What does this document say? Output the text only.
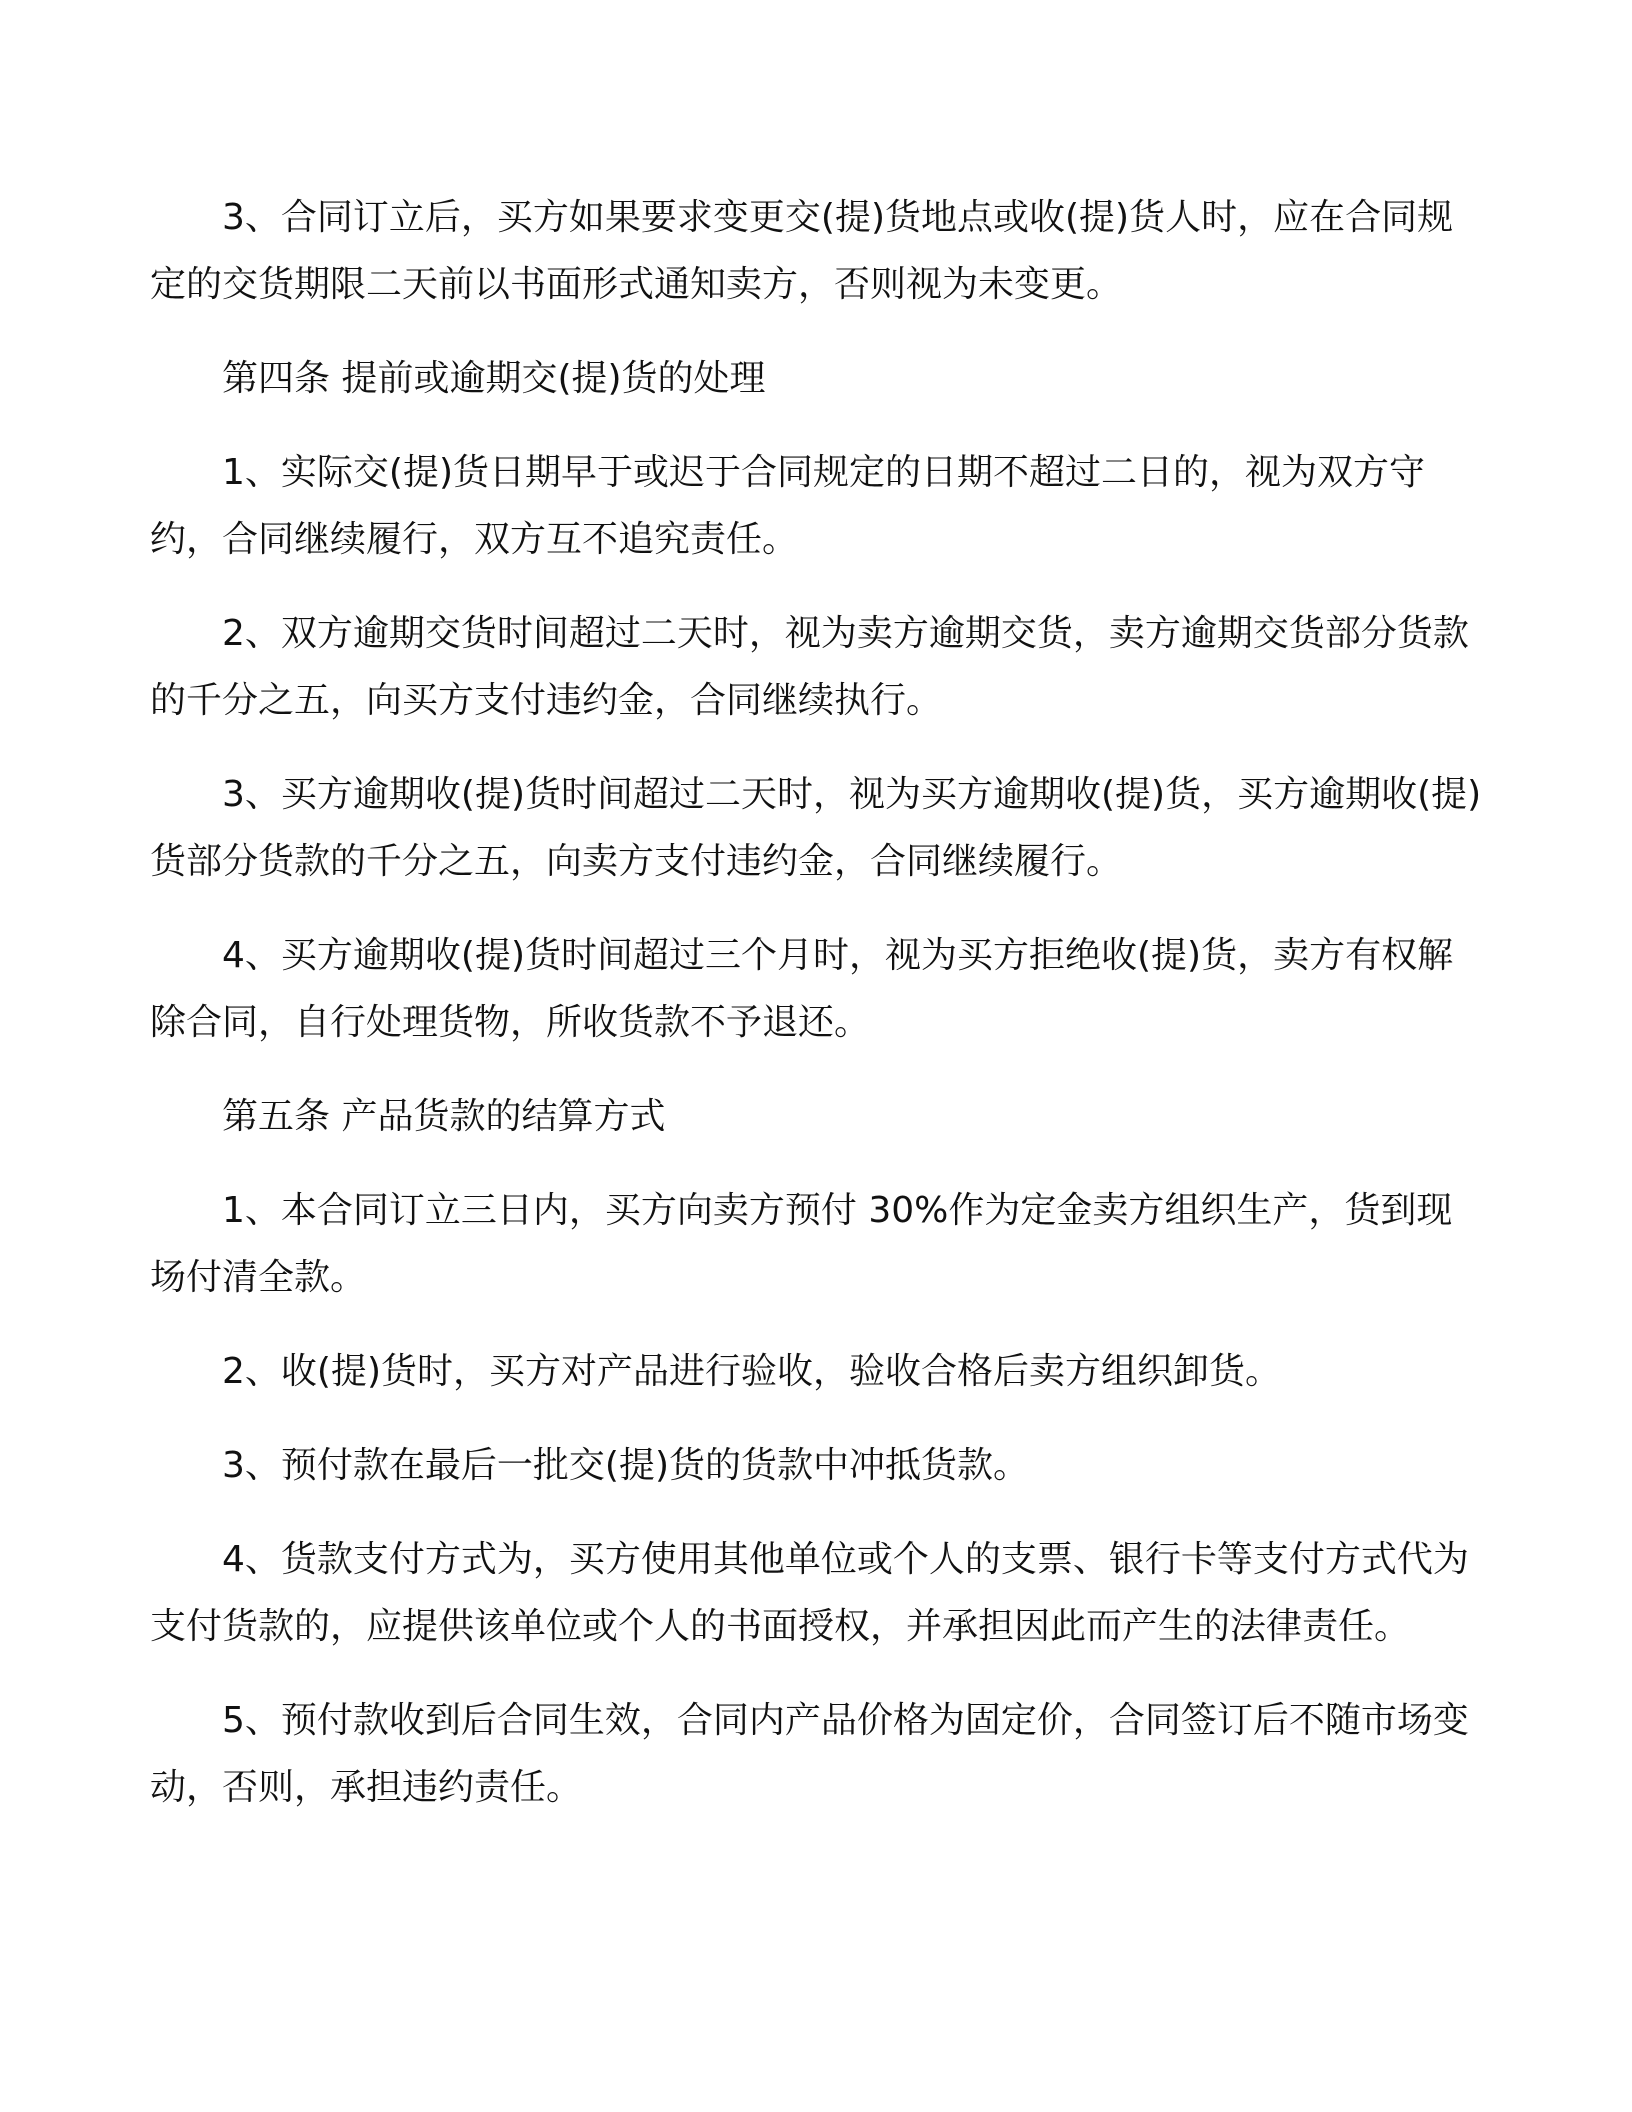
3、合同订立后，买方如果要求变更交(提)货地点或收(提)货人时，应在合同规定的交货期限二天前以书面形式通知卖方，否则视为未变更。

第四条 提前或逾期交(提)货的处理

1、实际交(提)货日期早于或迟于合同规定的日期不超过二日的，视为双方守约，合同继续履行，双方互不追究责任。

2、双方逾期交货时间超过二天时，视为卖方逾期交货，卖方逾期交货部分货款的千分之五，向买方支付违约金，合同继续执行。

3、买方逾期收(提)货时间超过二天时，视为买方逾期收(提)货，买方逾期收(提)货部分货款的千分之五，向卖方支付违约金，合同继续履行。

4、买方逾期收(提)货时间超过三个月时，视为买方拒绝收(提)货，卖方有权解除合同，自行处理货物，所收货款不予退还。

第五条 产品货款的结算方式

1、本合同订立三日内，买方向卖方预付 30%作为定金卖方组织生产，货到现场付清全款。

2、收(提)货时，买方对产品进行验收，验收合格后卖方组织卸货。

3、预付款在最后一批交(提)货的货款中冲抵货款。

4、货款支付方式为，买方使用其他单位或个人的支票、银行卡等支付方式代为支付货款的，应提供该单位或个人的书面授权，并承担因此而产生的法律责任。

5、预付款收到后合同生效，合同内产品价格为固定价，合同签订后不随市场变动，否则，承担违约责任。
